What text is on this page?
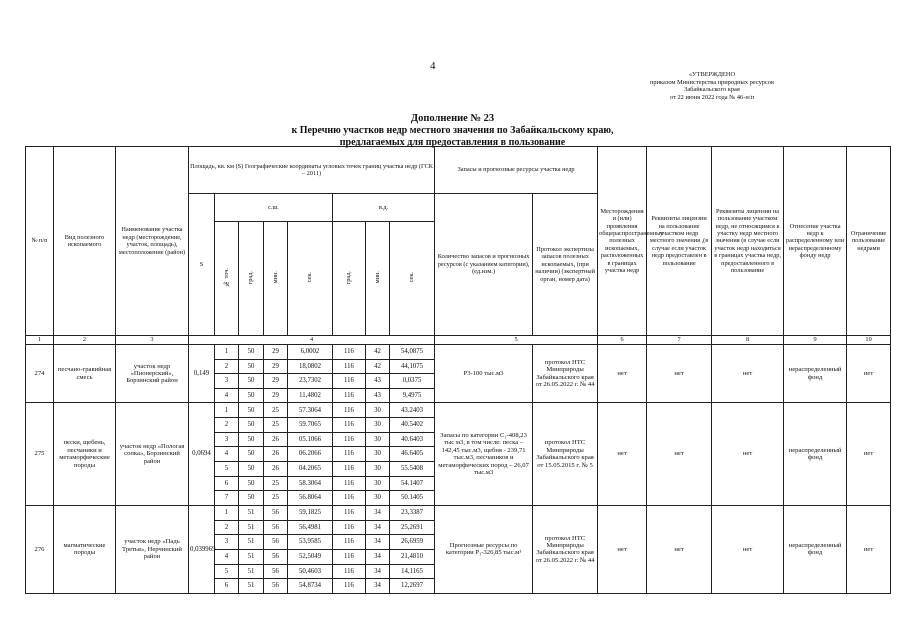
4
«УТВЕРЖДЕНО
приказом Министерства природных ресурсов
Забайкальского края
от 22 июня 2022 года № 46-н/п
Дополнение № 23
к Перечню участков недр местного значения по Забайкальскому краю,
предлагаемых для предоставления в пользование
№ п/п	Вид полезного ископаемого	Наименование участка недр (месторождение, участок, площадь), местоположение (район)	Площадь, кв. км (S) Географические координаты угловых точек границ участка недр (ГСК – 2011)								Запасы и прогнозные ресурсы участка недр		Месторождения и (или) проявления общераспространенных полезных ископаемых, расположенных в границах участка недр	Реквизиты лицензии на пользование участком недр местного значения ,(в случае если участок недр предоставлен в пользование	Реквизиты лицензии на пользование участком недр, не относящимся к участку недр местного значения (в случае если участок недр находиться в границах участка недр, предоставленного в пользование	Отнесение участка недр к распределенному или нераспределенному фонду недр	Ограничение пользование недрами
			S	с.ш.				в.д.			Количество запасов и прогнозных ресурсов (с указанием категории), (ед.изм.)	Протокол экспертизы запасов полезных ископаемых, (при наличии) (экспертный орган, номер дата)					
				№ точ.	град.	мин.	сек.	град.	мин.	сек.							
1	2	3	4								5		6	7	8	9	10
274	песчано-гравийная смесь	участок недр «Пионерский», Борзинский район	0,149	1	50	29	6,0002	116	42	54,0875	P3-100 тыс.м3	протокол НТС Минприроды Забайкальского края от 26.05.2022 г. № 44	нет	нет	нет	нераспределенный фонд	нет
				2	50	29	18,0802	116	42	44,1075							
				3	50	29	23,7302	116	43	0,0375							
				4	50	29	11,4802	116	43	9,4975							
275	пески, щебень, песчаники и метаморфические породы	участок недр «Пологая сопка», Борзинский район	0,0694	1	50	25	57.3064	116	30	43.2403	Запасы по категории С₁-408,23 тыс м3, в том числе: песка – 142,45 тыс.м3, щебня - 239,71 тыс.м3, песчаников и метаморфических пород – 26,07 тыс.м3	протокол НТС Минприроды Забайкальского края от 15.05.2015 г. № 5	нет	нет	нет	нераспределенный фонд	нет
				2	50	25	59.7065	116	30	40.5402							
				3	50	26	05.1066	116	30	40.6403							
				4	50	26	06.2066	116	30	46.6405							
				5	50	26	04.2065	116	30	55.5408							
				6	50	25	58.3064	116	30	54.1407							
				7	50	25	56.8064	116	30	50.1405							
276	магматические породы	участок недр «Падь Третья», Нерчинский район	0,039969	1	51	56	59,1825	116	34	23,3387	Прогнозные ресурсы по категории P₁-326,85 тыс.м³	протокол НТС Минприроды Забайкальского края от 26.05.2022 г. № 44	нет	нет	нет	нераспределенный фонд	нет
				2	51	56	56,4981	116	34	25,2691							
				3	51	56	53,9585	116	34	26,6959							
				4	51	56	52,5049	116	34	21,4810							
				5	51	56	50,4603	116	34	14,1165							
				6	51	56	54,8734	116	34	12,2697							
